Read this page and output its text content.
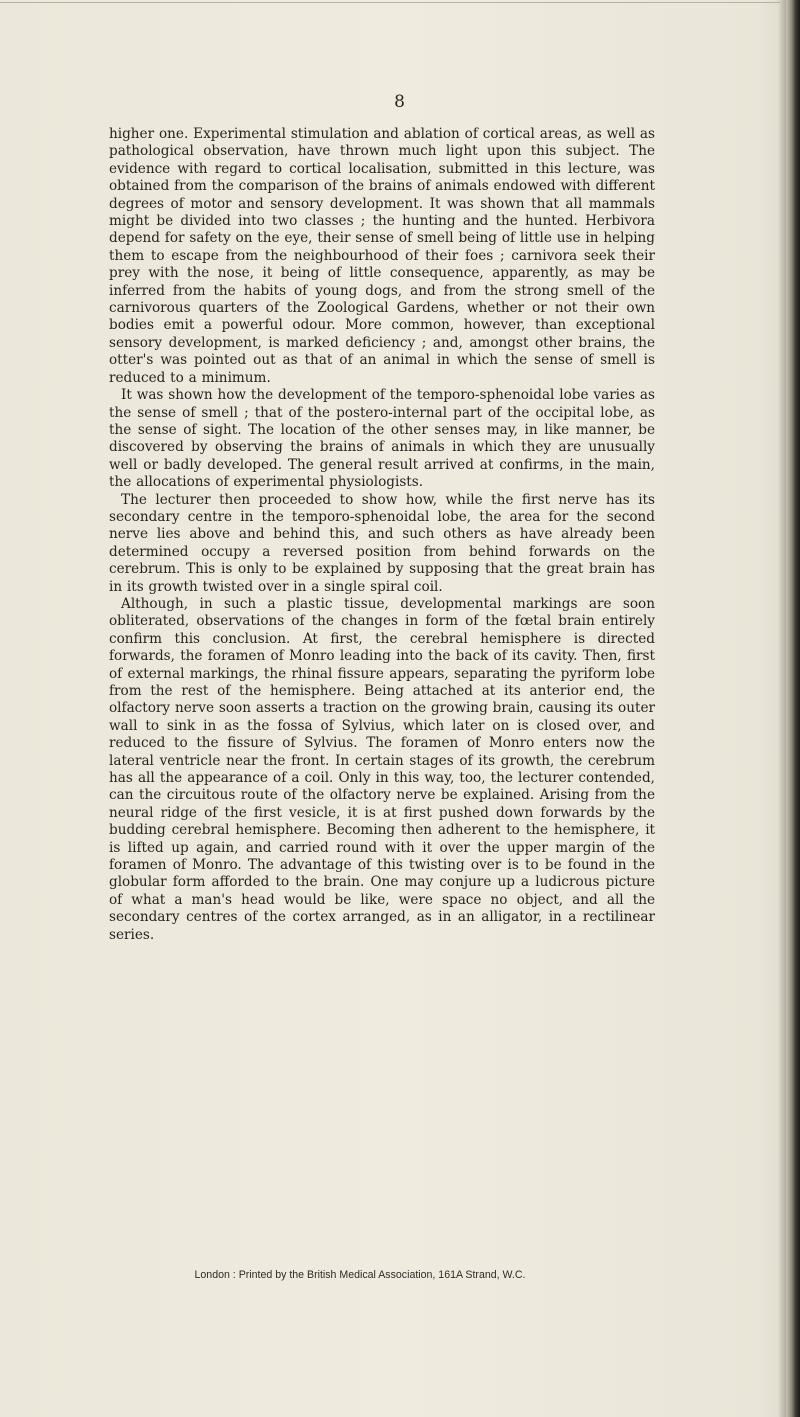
8

higher one. Experimental stimulation and ablation of cortical areas, as well as pathological observation, have thrown much light upon this subject. The evidence with regard to cortical localisation, submitted in this lecture, was obtained from the comparison of the brains of animals endowed with different degrees of motor and sensory development. It was shown that all mammals might be divided into two classes ; the hunting and the hunted. Herbivora depend for safety on the eye, their sense of smell being of little use in helping them to escape from the neighbourhood of their foes ; carnivora seek their prey with the nose, it being of little consequence, apparently, as may be inferred from the habits of young dogs, and from the strong smell of the carnivorous quarters of the Zoological Gardens, whether or not their own bodies emit a powerful odour. More common, however, than exceptional sensory development, is marked deficiency ; and, amongst other brains, the otter's was pointed out as that of an animal in which the sense of smell is reduced to a minimum.

It was shown how the development of the temporo-sphenoidal lobe varies as the sense of smell ; that of the postero-internal part of the occipital lobe, as the sense of sight. The location of the other senses may, in like manner, be discovered by observing the brains of animals in which they are unusually well or badly developed. The general result arrived at confirms, in the main, the allocations of experimental physiologists.

The lecturer then proceeded to show how, while the first nerve has its secondary centre in the temporo-sphenoidal lobe, the area for the second nerve lies above and behind this, and such others as have already been determined occupy a reversed position from behind forwards on the cerebrum. This is only to be explained by supposing that the great brain has in its growth twisted over in a single spiral coil.

Although, in such a plastic tissue, developmental markings are soon obliterated, observations of the changes in form of the fœtal brain entirely confirm this conclusion. At first, the cerebral hemisphere is directed forwards, the foramen of Monro leading into the back of its cavity. Then, first of external markings, the rhinal fissure appears, separating the pyriform lobe from the rest of the hemisphere. Being attached at its anterior end, the olfactory nerve soon asserts a traction on the growing brain, causing its outer wall to sink in as the fossa of Sylvius, which later on is closed over, and reduced to the fissure of Sylvius. The foramen of Monro enters now the lateral ventricle near the front. In certain stages of its growth, the cerebrum has all the appearance of a coil. Only in this way, too, the lecturer contended, can the circuitous route of the olfactory nerve be explained. Arising from the neural ridge of the first vesicle, it is at first pushed down forwards by the budding cerebral hemisphere. Becoming then adherent to the hemisphere, it is lifted up again, and carried round with it over the upper margin of the foramen of Monro. The advantage of this twisting over is to be found in the globular form afforded to the brain. One may conjure up a ludicrous picture of what a man's head would be like, were space no object, and all the secondary centres of the cortex arranged, as in an alligator, in a rectilinear series.

London : Printed by the British Medical Association, 161A Strand, W.C.
